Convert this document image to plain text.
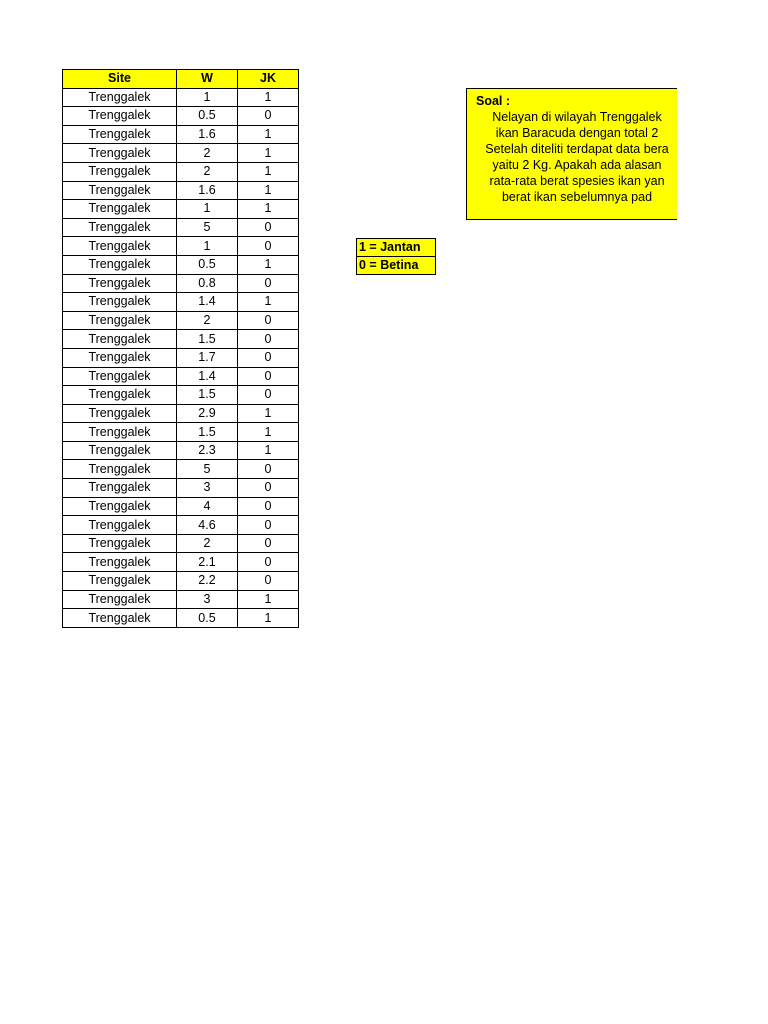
Site	W	JK
Trenggalek	1	1
Trenggalek	0.5	0
Trenggalek	1.6	1
Trenggalek	2	1
Trenggalek	2	1
Trenggalek	1.6	1
Trenggalek	1	1
Trenggalek	5	0
Trenggalek	1	0
Trenggalek	0.5	1
Trenggalek	0.8	0
Trenggalek	1.4	1
Trenggalek	2	0
Trenggalek	1.5	0
Trenggalek	1.7	0
Trenggalek	1.4	0
Trenggalek	1.5	0
Trenggalek	2.9	1
Trenggalek	1.5	1
Trenggalek	2.3	1
Trenggalek	5	0
Trenggalek	3	0
Trenggalek	4	0
Trenggalek	4.6	0
Trenggalek	2	0
Trenggalek	2.1	0
Trenggalek	2.2	0
Trenggalek	3	1
Trenggalek	0.5	1
Soal :
Nelayan di wilayah Trenggalek
ikan Baracuda dengan total 2
Setelah diteliti terdapat data bera
yaitu 2 Kg. Apakah ada alasan
rata-rata berat spesies ikan yan
berat ikan sebelumnya pad
1 = Jantan
0 = Betina
